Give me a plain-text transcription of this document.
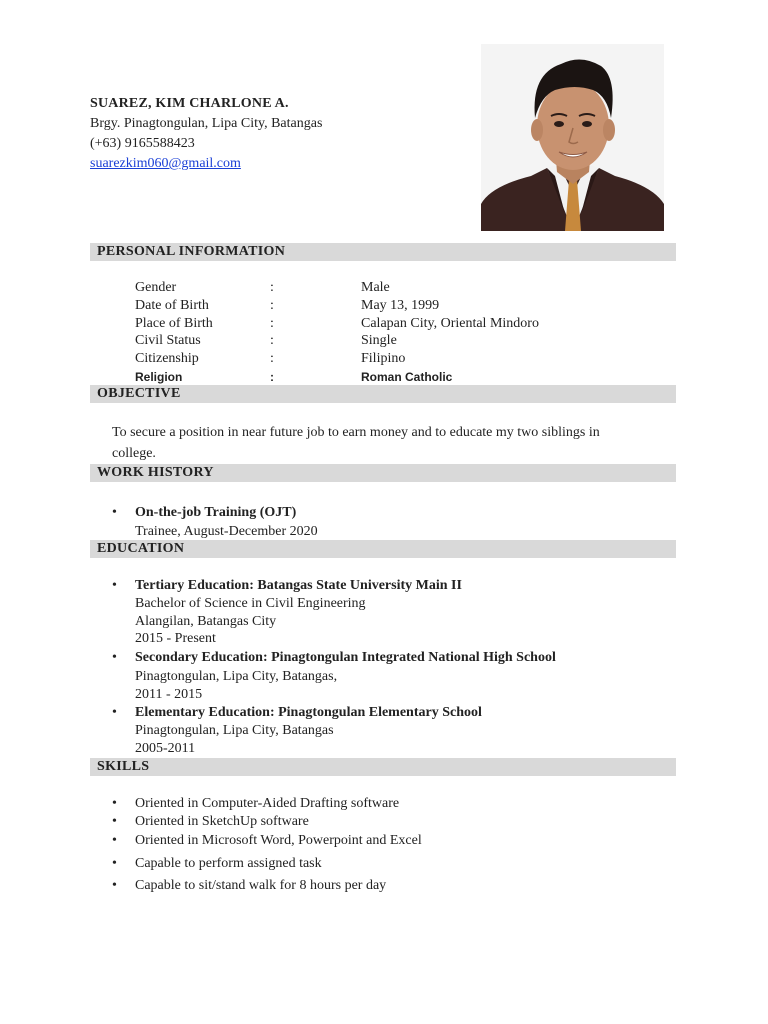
SUAREZ, KIM CHARLONE A.
Brgy. Pinagtongulan, Lipa City, Batangas
(+63) 9165588423
suarezkim060@gmail.com
PERSONAL INFORMATION
Gender	:	Male
Date of Birth	:	May 13, 1999
Place of Birth	:	Calapan City, Oriental Mindoro
Civil Status	:	Single
Citizenship	:	Filipino
Religion	:	Roman Catholic
OBJECTIVE
To secure a position in near future job to earn money and to educate my two siblings in
college.
WORK HISTORY
• On-the-job Training (OJT)
Trainee, August-December 2020
EDUCATION
• Tertiary Education: Batangas State University Main II
Bachelor of Science in Civil Engineering
Alangilan, Batangas City
2015 - Present
• Secondary Education: Pinagtongulan Integrated National High School
Pinagtongulan, Lipa City, Batangas,
2011 - 2015
• Elementary Education: Pinagtongulan Elementary School
Pinagtongulan, Lipa City, Batangas
2005-2011
SKILLS
• Oriented in Computer-Aided Drafting software
• Oriented in SketchUp software
• Oriented in Microsoft Word, Powerpoint and Excel
• Capable to perform assigned task
• Capable to sit/stand walk for 8 hours per day
